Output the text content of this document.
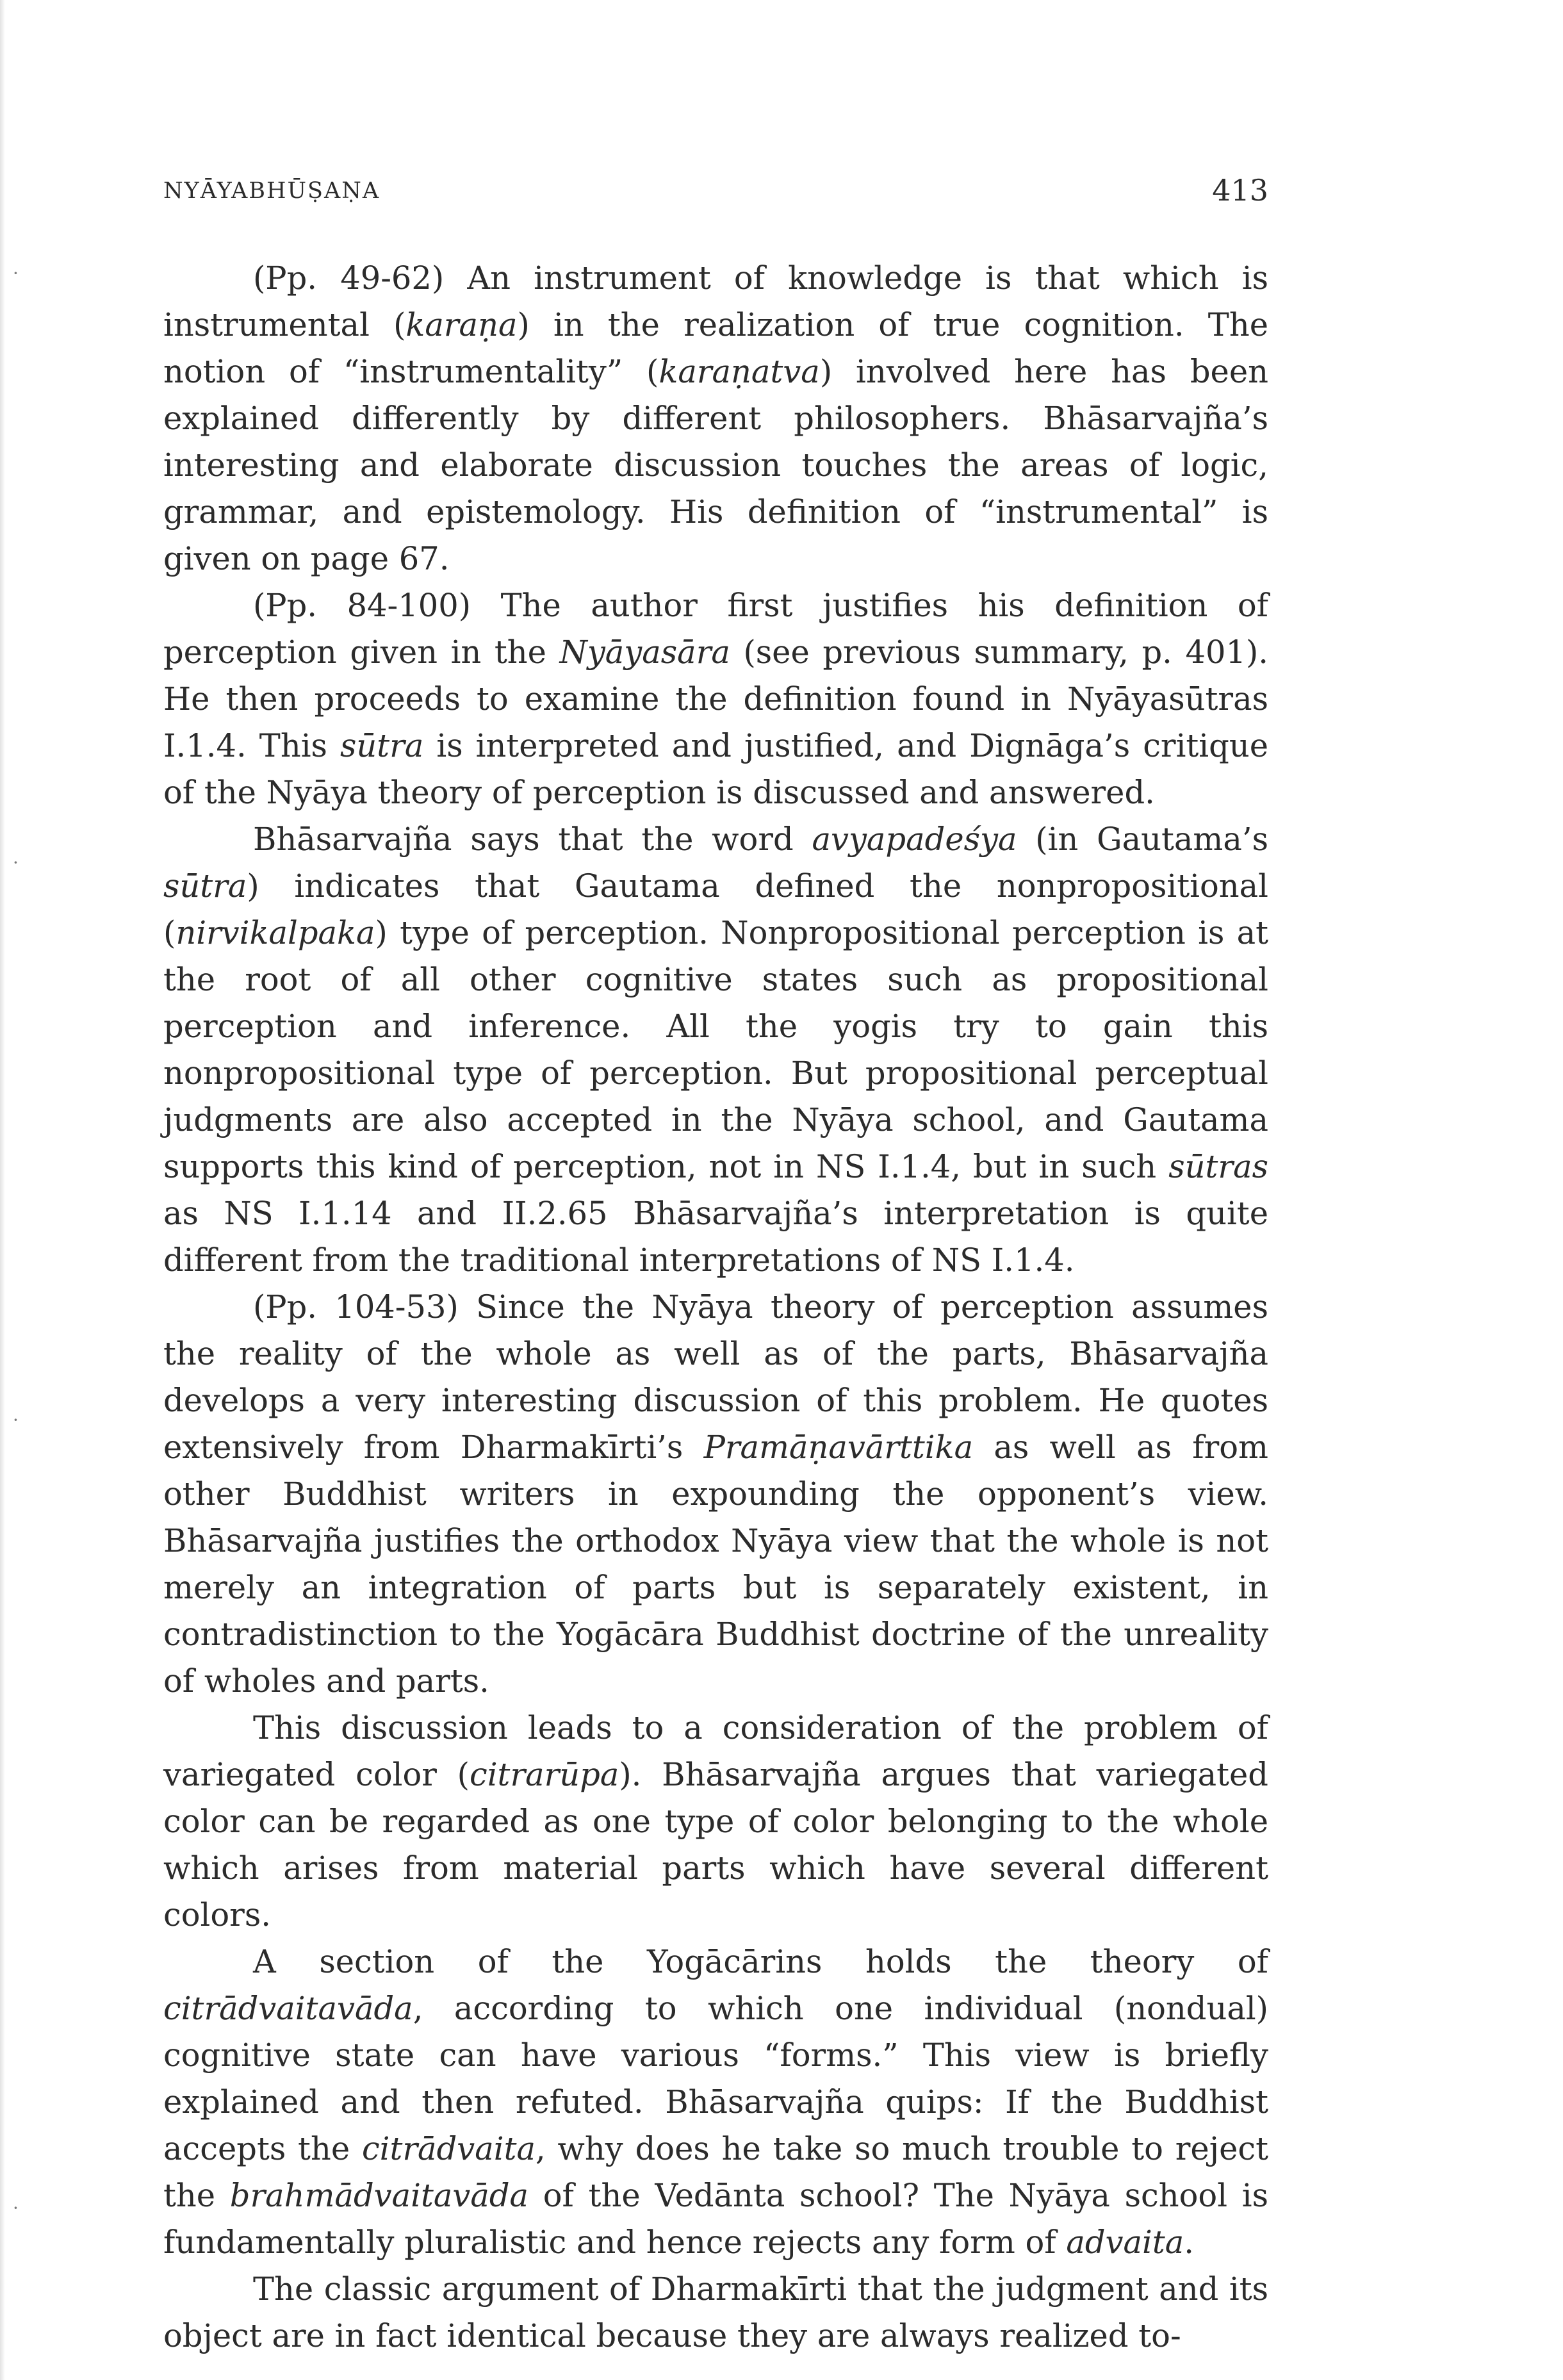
·
·
·
·
NYĀYABHŪṢAṆA	413

(Pp. 49-62) An instrument of knowledge is that which is instrumental (karaṇa) in the realization of true cognition. The notion of “instrumentality” (karaṇatva) involved here has been explained differently by different philosophers. Bhāsarvajña’s interesting and elaborate discussion touches the areas of logic, grammar, and epistemology. His definition of “instrumental” is given on page 67.

(Pp. 84-100) The author first justifies his definition of perception given in the Nyāyasāra (see previous summary, p. 401). He then proceeds to examine the definition found in Nyāyasūtras I.1.4. This sūtra is interpreted and justified, and Dignāga’s critique of the Nyāya theory of perception is discussed and answered.

Bhāsarvajña says that the word avyapadeśya (in Gautama’s sūtra) indicates that Gautama defined the nonpropositional (nirvikalpaka) type of perception. Nonpropositional perception is at the root of all other cognitive states such as propositional perception and inference. All the yogis try to gain this nonpropositional type of perception. But propositional perceptual judgments are also accepted in the Nyāya school, and Gautama supports this kind of perception, not in NS I.1.4, but in such sūtras as NS I.1.14 and II.2.65 Bhāsarvajña’s interpretation is quite different from the traditional interpretations of NS I.1.4.

(Pp. 104-53) Since the Nyāya theory of perception assumes the reality of the whole as well as of the parts, Bhāsarvajña develops a very interesting discussion of this problem. He quotes extensively from Dharmakīrti’s Pramāṇavārttika as well as from other Buddhist writers in expounding the opponent’s view. Bhāsarvajña justifies the orthodox Nyāya view that the whole is not merely an integration of parts but is separately existent, in contradistinction to the Yogācāra Buddhist doctrine of the unreality of wholes and parts.

This discussion leads to a consideration of the problem of variegated color (citrarūpa). Bhāsarvajña argues that variegated color can be regarded as one type of color belonging to the whole which arises from material parts which have several different colors.

A section of the Yogācārins holds the theory of citrādvaitavāda, according to which one individual (nondual) cognitive state can have various “forms.” This view is briefly explained and then refuted. Bhāsarvajña quips: If the Buddhist accepts the citrādvaita, why does he take so much trouble to reject the brahmādvaitavāda of the Vedānta school? The Nyāya school is fundamentally pluralistic and hence rejects any form of advaita.

The classic argument of Dharmakīrti that the judgment and its object are in fact identical because they are always realized to-
